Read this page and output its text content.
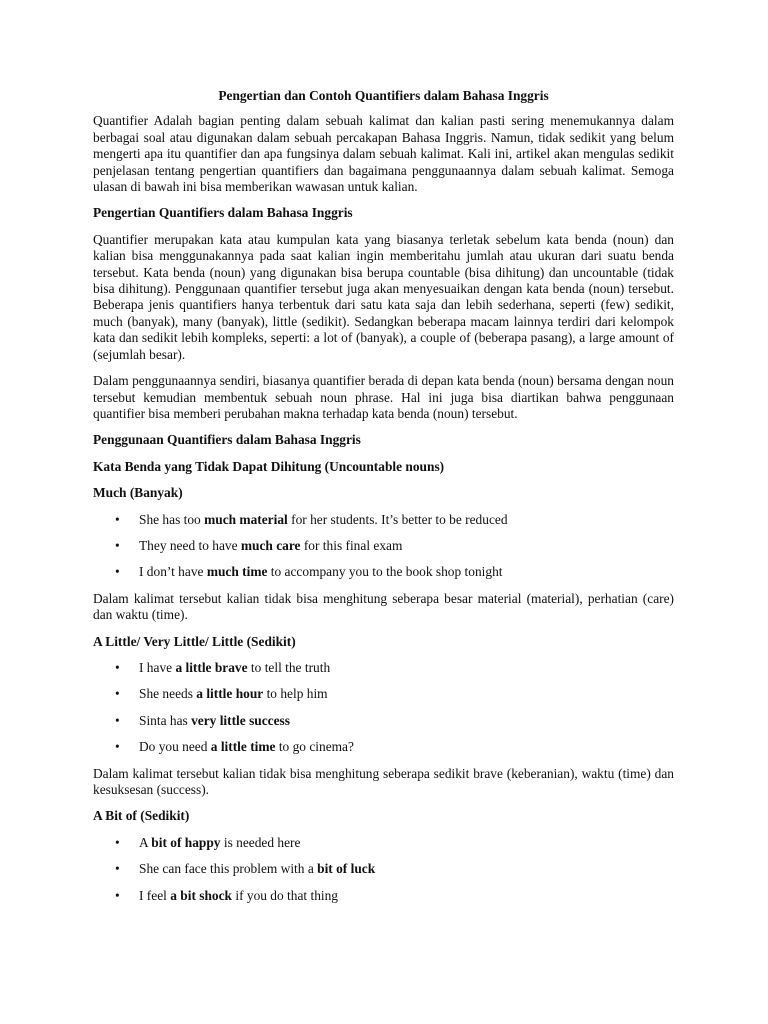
Pengertian dan Contoh Quantifiers dalam Bahasa Inggris

Quantifier Adalah bagian penting dalam sebuah kalimat dan kalian pasti sering menemukannya dalam berbagai soal atau digunakan dalam sebuah percakapan Bahasa Inggris. Namun, tidak sedikit yang belum mengerti apa itu quantifier dan apa fungsinya dalam sebuah kalimat. Kali ini, artikel akan mengulas sedikit penjelasan tentang pengertian quantifiers dan bagaimana penggunaannya dalam sebuah kalimat. Semoga ulasan di bawah ini bisa memberikan wawasan untuk kalian.

Pengertian Quantifiers dalam Bahasa Inggris

Quantifier merupakan kata atau kumpulan kata yang biasanya terletak sebelum kata benda (noun) dan kalian bisa menggunakannya pada saat kalian ingin memberitahu jumlah atau ukuran dari suatu benda tersebut. Kata benda (noun) yang digunakan bisa berupa countable (bisa dihitung) dan uncountable (tidak bisa dihitung). Penggunaan quantifier tersebut juga akan menyesuaikan dengan kata benda (noun) tersebut. Beberapa jenis quantifiers hanya terbentuk dari satu kata saja dan lebih sederhana, seperti (few) sedikit, much (banyak), many (banyak), little (sedikit). Sedangkan beberapa macam lainnya terdiri dari kelompok kata dan sedikit lebih kompleks, seperti: a lot of (banyak), a couple of (beberapa pasang), a large amount of (sejumlah besar).

Dalam penggunaannya sendiri, biasanya quantifier berada di depan kata benda (noun) bersama dengan noun tersebut kemudian membentuk sebuah noun phrase. Hal ini juga bisa diartikan bahwa penggunaan quantifier bisa memberi perubahan makna terhadap kata benda (noun) tersebut.

Penggunaan Quantifiers dalam Bahasa Inggris
Kata Benda yang Tidak Dapat Dihitung (Uncountable nouns)
Much (Banyak)
• She has too much material for her students. It’s better to be reduced
• They need to have much care for this final exam
• I don’t have much time to accompany you to the book shop tonight

Dalam kalimat tersebut kalian tidak bisa menghitung seberapa besar material (material), perhatian (care) dan waktu (time).

A Little/ Very Little/ Little (Sedikit)
• I have a little brave to tell the truth
• She needs a little hour to help him
• Sinta has very little success
• Do you need a little time to go cinema?

Dalam kalimat tersebut kalian tidak bisa menghitung seberapa sedikit brave (keberanian), waktu (time) dan kesuksesan (success).

A Bit of (Sedikit)
• A bit of happy is needed here
• She can face this problem with a bit of luck
• I feel a bit shock if you do that thing
